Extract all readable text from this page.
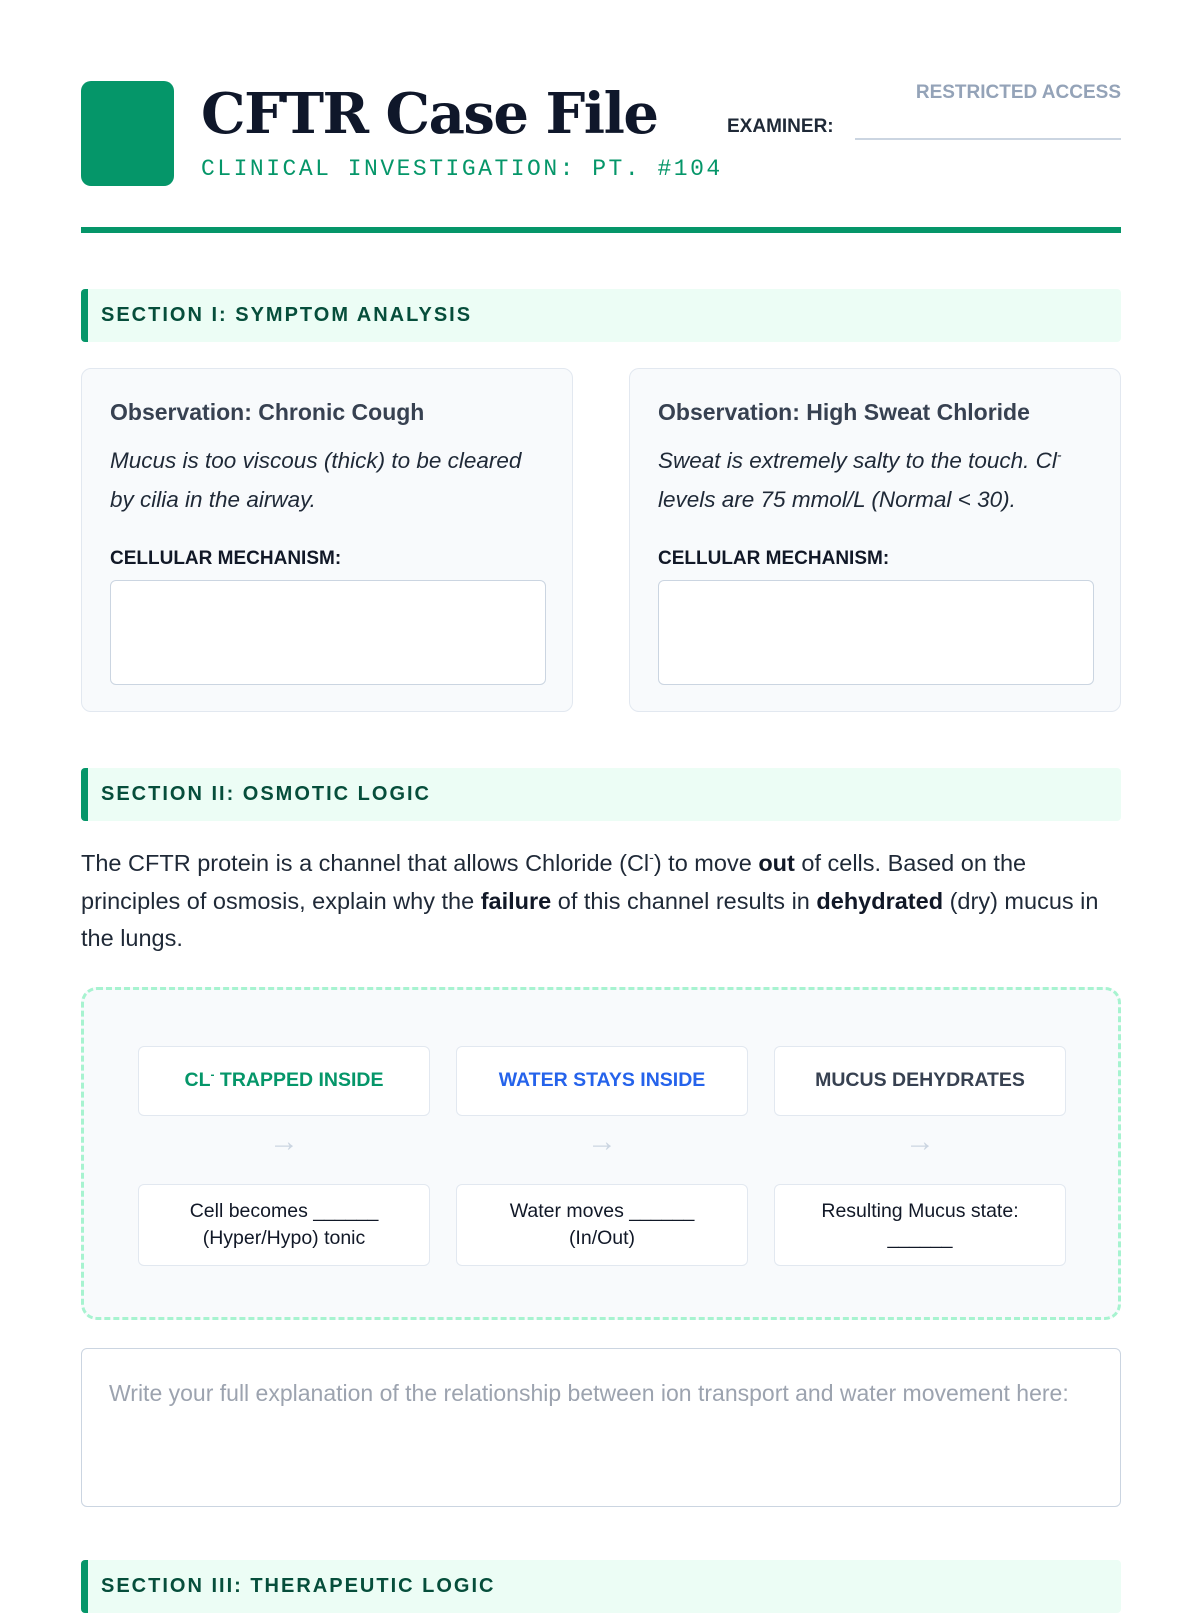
CFTR Case File
CLINICAL INVESTIGATION: PT. #104
RESTRICTED ACCESS
EXAMINER:
SECTION I: SYMPTOM ANALYSIS
Observation: Chronic Cough
Mucus is too viscous (thick) to be cleared by cilia in the airway.
CELLULAR MECHANISM:
Observation: High Sweat Chloride
Sweat is extremely salty to the touch. Cl- levels are 75 mmol/L (Normal < 30).
CELLULAR MECHANISM:
SECTION II: OSMOTIC LOGIC
The CFTR protein is a channel that allows Chloride (Cl-) to move out of cells. Based on the principles of osmosis, explain why the failure of this channel results in dehydrated (dry) mucus in the lungs.
CL- TRAPPED INSIDE	WATER STAYS INSIDE	MUCUS DEHYDRATES
→	→	→
Cell becomes ______
(Hyper/Hypo) tonic
Water moves ______
(In/Out)
Resulting Mucus state:
______
Write your full explanation of the relationship between ion transport and water movement here:
SECTION III: THERAPEUTIC LOGIC
